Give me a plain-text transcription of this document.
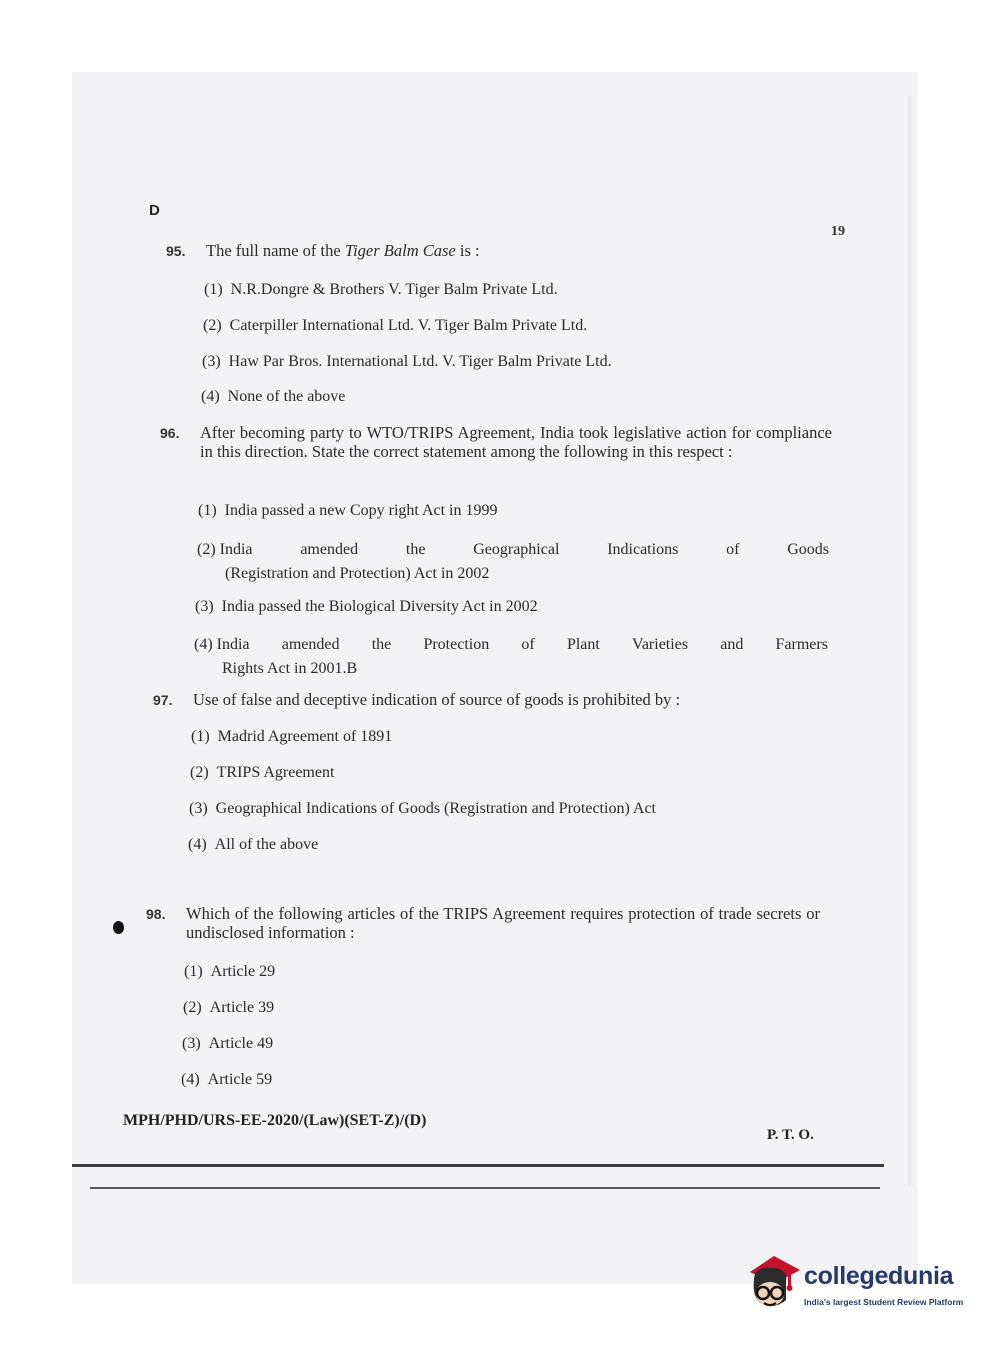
D
19
95. The full name of the Tiger Balm Case is :
(1) N.R.Dongre & Brothers V. Tiger Balm Private Ltd.
(2) Caterpiller International Ltd. V. Tiger Balm Private Ltd.
(3) Haw Par Bros. International Ltd. V. Tiger Balm Private Ltd.
(4) None of the above
96. After becoming party to WTO/TRIPS Agreement, India took legislative action for compliance in this direction. State the correct statement among the following in this respect :
(1) India passed a new Copy right Act in 1999
(2) India	amended	the	Geographical	Indications	of	Goods
(Registration and Protection) Act in 2002
(3) India passed the Biological Diversity Act in 2002
(4) India amended the Protection of Plant Varieties and Farmers
Rights Act in 2001.B
97. Use of false and deceptive indication of source of goods is prohibited by :
(1) Madrid Agreement of 1891
(2) TRIPS Agreement
(3) Geographical Indications of Goods (Registration and Protection) Act
(4) All of the above
98. Which of the following articles of the TRIPS Agreement requires protection of trade secrets or undisclosed information :
(1) Article 29
(2) Article 39
(3) Article 49
(4) Article 59
MPH/PHD/URS-EE-2020/(Law)(SET-Z)/(D)
P. T. O.
collegedunia
India's largest Student Review Platform
